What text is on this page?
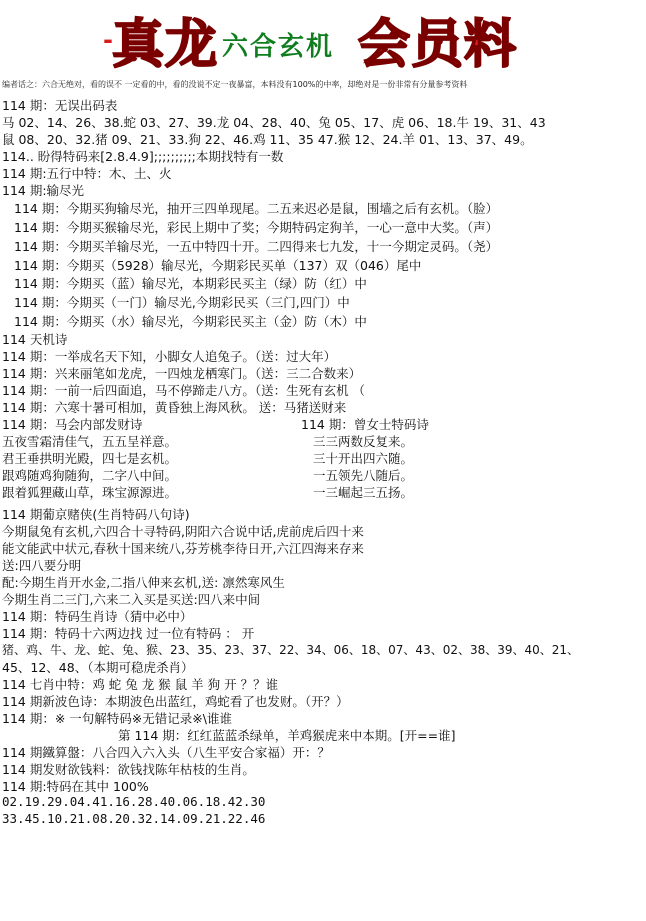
- 真龙 六合玄机 会员料
编者话之：六合无绝对，看的误不 一定看的中，看的没说不定一夜暴富，本料没有100%的中率，却绝对是一份非常有分量参考资料
114 期：无误出码表
马 02、14、26、38.蛇 03、27、39.龙 04、28、40、兔 05、17、虎 06、18.牛 19、31、43
鼠 08、20、32.猪 09、21、33.狗 22、46.鸡 11、35 47.猴 12、24.羊 01、13、37、49。
114.. 盼得特码来[2.8.4.9];;;;;;;;;;本期找特有一数
114 期:五行中特：木、土、火
114 期:输尽光
114 期：今期买狗输尽光，抽开三四单现尾。二五来迟必是鼠，围墙之后有玄机。（脸）
114 期：今期买猴输尽光，彩民上期中了奖；今期特码定狗羊，一心一意中大奖。（声）
114 期：今期买羊输尽光，一五中特四十开。二四得来七九发，十一今期定灵码。（尧）
114 期：今期买（5928）输尽光，今期彩民买单（137）双（046）尾中
114 期：今期买（蓝）输尽光，本期彩民买主（绿）防（红）中
114 期：今期买（一门）输尽光,今期彩民买（三门,四门）中
114 期：今期买（水）输尽光，今期彩民买主（金）防（木）中
114 天机诗
114 期：一举成名天下知，小脚女人追兔子。（送：过大年）
114 期：兴来丽笔如龙虎，一四烛龙栖寒门。（送：三二合数来）
114 期：一前一后四面追，马不停蹄走八方。（送：生死有玄机 （
114 期：六寒十暑可相加，黄昏独上海风秋。 送：马猪送财来
114 期：马会内部发财诗	114 期：曾女士特码诗
五夜雪霜清佳气，五五呈祥意。	三三两数反复来。
君王垂拱明光殿，四七是玄机。	三十开出四六随。
跟鸡随鸡狗随狗，二字八中间。	一五领先八随后。
跟着狐狸藏山草，珠宝源源进。	一三崛起三五扬。
114 期葡京赌侠(生肖特码八句诗)
今期鼠兔有玄机,六四合十寻特码,阴阳六合说中话,虎前虎后四十来
能文能武中状元,春秋十国来统八,芬芳桃李待日开,六江四海来存来
送:四八要分明
配:今期生肖开水金,二指八伸来玄机,送: 凛然寒风生
今期生肖二三门,六来二入买是买送:四八来中间
114 期：特码生肖诗（猜中必中）
114 期：特码十六两边找 过一位有特码 ： 开
猪、鸡、牛、龙、蛇、兔、猴、23、35、23、37、22、34、06、18、07、43、02、38、39、40、21、
45、12、48、（本期可稳虎杀肖）
114 七肖中特：鸡 蛇 兔 龙 猴 鼠 羊 狗 开 ？？谁
114 期新波色诗：本期波色出蓝红，鸡蛇看了也发财。（开？）
114 期：※ 一句解特码※无错记录※\谁谁
第 114 期：红红蓝蓝杀绿单，羊鸡猴虎来中本期。[开==谁]
114 期鐵算盤：八合四入六入头（八生平安合家福）开：？
114 期发财欲钱料：欲钱找陈年枯枝的生肖。
114 期:特码在其中 100%
02.19.29.04.41.16.28.40.06.18.42.30
33.45.10.21.08.20.32.14.09.21.22.46
